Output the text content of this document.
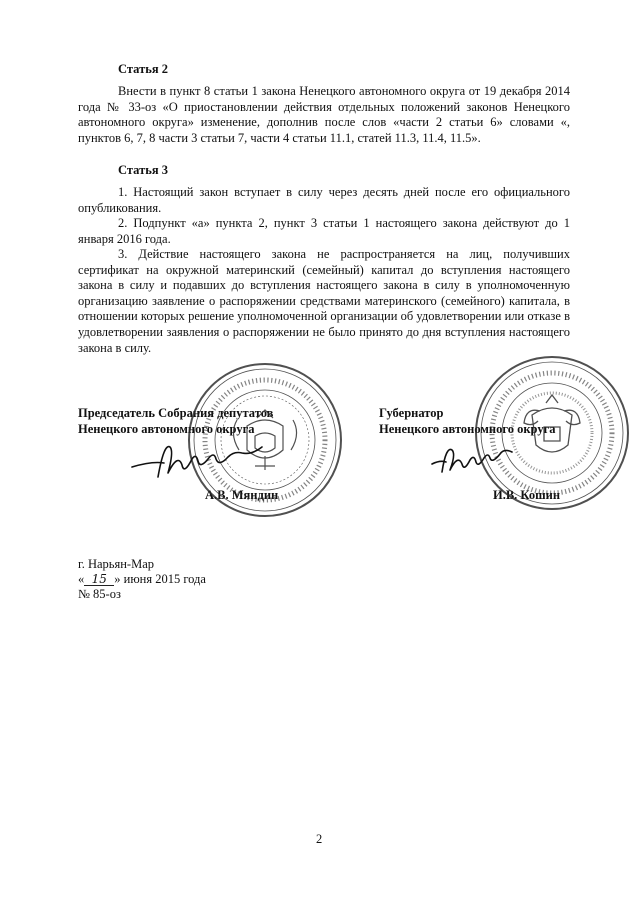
Статья 2

Внести в пункт 8 статьи 1 закона Ненецкого автономного округа от 19 декабря 2014 года № 33-оз «О приостановлении действия отдельных положений законов Ненецкого автономного округа» изменение, дополнив после слов «части 2 статьи 6» словами «, пунктов 6, 7, 8 части 3 статьи 7, части 4 статьи 11.1, статей 11.3, 11.4, 11.5».

Статья 3

1. Настоящий закон вступает в силу через десять дней после его официального опубликования.

2. Подпункт «а» пункта 2, пункт 3 статьи 1 настоящего закона действуют до 1 января 2016 года.

3. Действие настоящего закона не распространяется на лиц, получивших сертификат на окружной материнский (семейный) капитал до вступления настоящего закона в силу и подавших до вступления настоящего закона в силу в уполномоченную организацию заявление о распоряжении средствами материнского (семейного) капитала, в отношении которых решение уполномоченной организации об удовлетворении или отказе в удовлетворении заявления о распоряжении не было принято до дня вступления настоящего закона в силу.

Председатель Собрания депутатов
Ненецкого автономного округа
Губернатор
Ненецкого автономного округа
А.В. Мяндин	И.В. Кошин
г. Нарьян-Мар
« 15 » июня 2015 года
№ 85-оз
2
